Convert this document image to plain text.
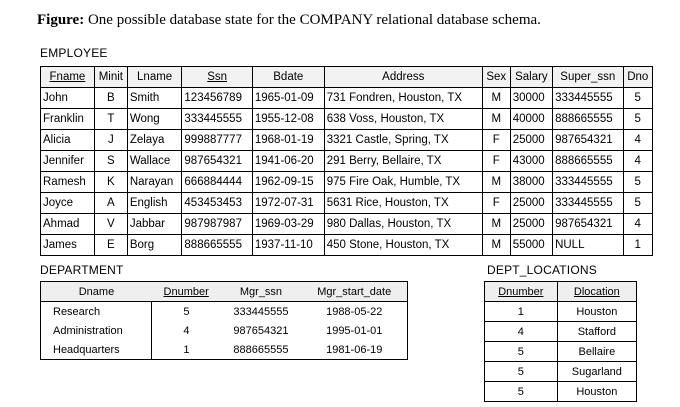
Figure: One possible database state for the COMPANY relational database schema.
EMPLOYEE
Fname	Minit	Lname	Ssn	Bdate	Address	Sex	Salary	Super_ssn	Dno
John	B	Smith	123456789	1965-01-09	731 Fondren, Houston, TX	M	30000	333445555	5
Franklin	T	Wong	333445555	1955-12-08	638 Voss, Houston, TX	M	40000	888665555	5
Alicia	J	Zelaya	999887777	1968-01-19	3321 Castle, Spring, TX	F	25000	987654321	4
Jennifer	S	Wallace	987654321	1941-06-20	291 Berry, Bellaire, TX	F	43000	888665555	4
Ramesh	K	Narayan	666884444	1962-09-15	975 Fire Oak, Humble, TX	M	38000	333445555	5
Joyce	A	English	453453453	1972-07-31	5631 Rice, Houston, TX	F	25000	333445555	5
Ahmad	V	Jabbar	987987987	1969-03-29	980 Dallas, Houston, TX	M	25000	987654321	4
James	E	Borg	888665555	1937-11-10	450 Stone, Houston, TX	M	55000	NULL	1
DEPARTMENT
Dname	Dnumber	Mgr_ssn	Mgr_start_date
Research	5	333445555	1988-05-22
Administration	4	987654321	1995-01-01
Headquarters	1	888665555	1981-06-19
DEPT_LOCATIONS
Dnumber	Dlocation
1	Houston
4	Stafford
5	Bellaire
5	Sugarland
5	Houston
